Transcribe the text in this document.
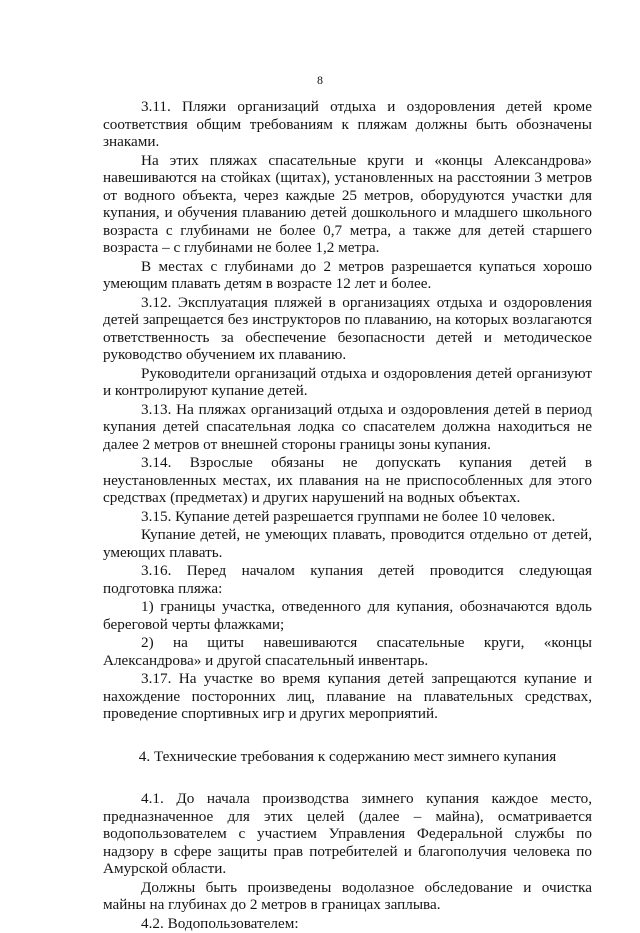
8

3.11. Пляжи организаций отдыха и оздоровления детей кроме соответствия общим требованиям к пляжам должны быть обозначены знаками.

На этих пляжах спасательные круги и «концы Александрова» навешиваются на стойках (щитах), установленных на расстоянии 3 метров от водного объекта, через каждые 25 метров, оборудуются участки для купания, и обучения плаванию детей дошкольного и младшего школьного возраста с глубинами не более 0,7 метра, а также для детей старшего возраста – с глубинами не более 1,2 метра.

В местах с глубинами до 2 метров разрешается купаться хорошо умеющим плавать детям в возрасте 12 лет и более.

3.12. Эксплуатация пляжей в организациях отдыха и оздоровления детей запрещается без инструкторов по плаванию, на которых возлагаются ответственность за обеспечение безопасности детей и методическое руководство обучением их плаванию.

Руководители организаций отдыха и оздоровления детей организуют и контролируют купание детей.

3.13. На пляжах организаций отдыха и оздоровления детей в период купания детей спасательная лодка со спасателем должна находиться не далее 2 метров от внешней стороны границы зоны купания.

3.14. Взрослые обязаны не допускать купания детей в неустановленных местах, их плавания на не приспособленных для этого средствах (предметах) и других нарушений на водных объектах.

3.15. Купание детей разрешается группами не более 10 человек.

Купание детей, не умеющих плавать, проводится отдельно от детей, умеющих плавать.

3.16. Перед началом купания детей проводится следующая подготовка пляжа:

1) границы участка, отведенного для купания, обозначаются вдоль береговой черты флажками;

2) на щиты навешиваются спасательные круги, «концы Александрова» и другой спасательный инвентарь.

3.17. На участке во время купания детей запрещаются купание и нахождение посторонних лиц, плавание на плавательных средствах, проведение спортивных игр и других мероприятий.

4. Технические требования к содержанию мест зимнего купания

4.1. До начала производства зимнего купания каждое место, предназначенное для этих целей (далее – майна), осматривается водопользователем с участием Управления Федеральной службы по надзору в сфере защиты прав потребителей и благополучия человека по Амурской области.

Должны быть произведены водолазное обследование и очистка майны на глубинах до 2 метров в границах заплыва.

4.2. Водопользователем:
